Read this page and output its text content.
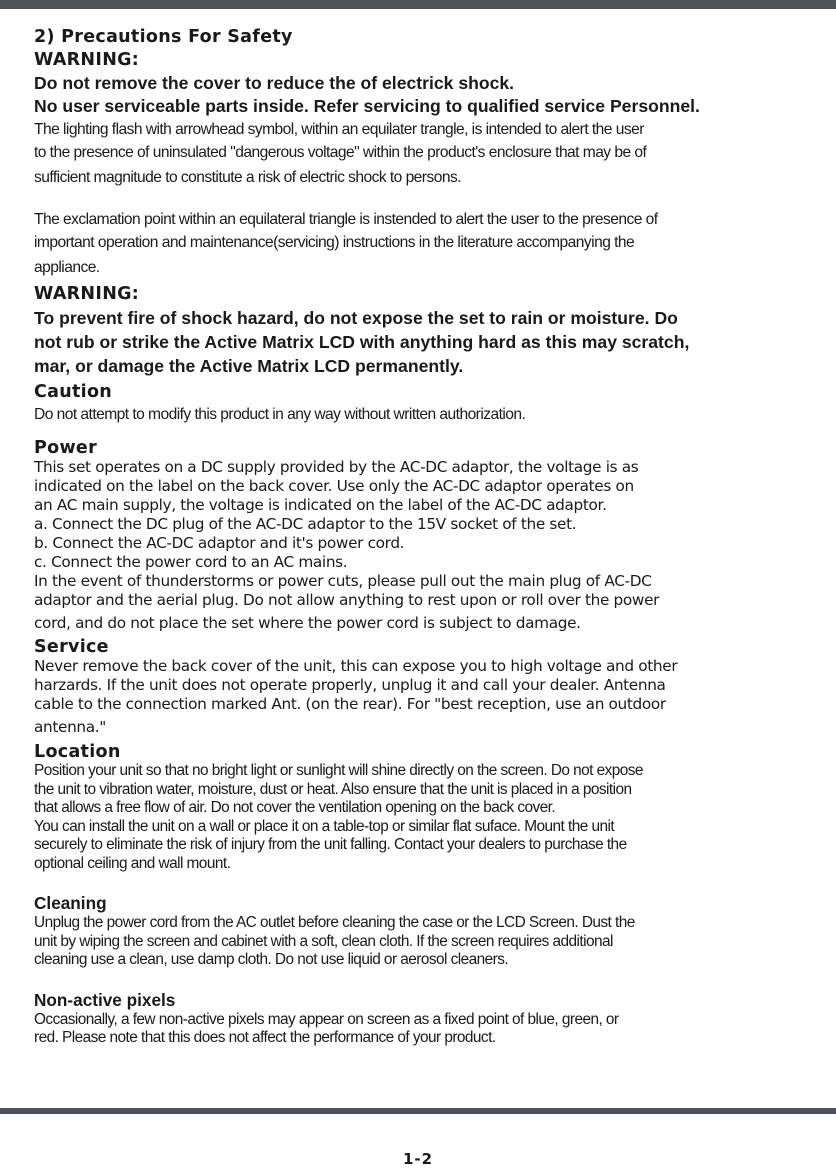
2) Precautions For Safety
WARNING:
Do not remove the cover to reduce the of electrick shock.
No user serviceable parts inside. Refer servicing to qualified service Personnel.
The lighting flash with arrowhead symbol, within an equilater trangle, is intended to alert the user
to the presence of uninsulated "dangerous voltage" within the product's enclosure that may be of
sufficient magnitude to constitute a risk of electric shock to persons.
The exclamation point within an equilateral triangle is instended to alert the user to the presence of
important operation and maintenance(servicing) instructions in the literature accompanying the
appliance.
WARNING:
To prevent fire of shock hazard, do not expose the set to rain or moisture. Do
not rub or strike the Active Matrix LCD with anything hard as this may scratch,
mar, or damage the Active Matrix LCD permanently.
Caution
Do not attempt to modify this product in any way without written authorization.
Power
This set operates on a DC supply provided by the AC-DC adaptor, the voltage is as
indicated on the label on the back cover. Use only the AC-DC adaptor operates on
an AC main supply, the voltage is indicated on the label of the AC-DC adaptor.
a. Connect the DC plug of the AC-DC adaptor to the 15V socket of the set.
b. Connect the AC-DC adaptor and it's power cord.
c. Connect the power cord to an AC mains.
In the event of thunderstorms or power cuts, please pull out the main plug of AC-DC
adaptor and the aerial plug. Do not allow anything to rest upon or roll over the power
cord, and do not place the set where the power cord is subject to damage.
Service
Never remove the back cover of the unit, this can expose you to high voltage and other
harzards. If the unit does not operate properly, unplug it and call your dealer. Antenna
cable to the connection marked Ant. (on the rear). For "best reception, use an outdoor
antenna."
Location
Position your unit so that no bright light or sunlight will shine directly on the screen. Do not expose
the unit to vibration water, moisture, dust or heat. Also ensure that the unit is placed in a position
that allows a free flow of air. Do not cover the ventilation opening on the back cover.
You can install the unit on a wall or place it on a table-top or similar flat suface. Mount the unit
securely to eliminate the risk of injury from the unit falling. Contact your dealers to purchase the
optional ceiling and wall mount.
Cleaning
Unplug the power cord from the AC outlet before cleaning the case or the LCD Screen. Dust the
unit by wiping the screen and cabinet with a soft, clean cloth. If the screen requires additional
cleaning use a clean, use damp cloth. Do not use liquid or aerosol cleaners.
Non-active pixels
Occasionally, a few non-active pixels may appear on screen as a fixed point of blue, green, or
red. Please note that this does not affect the performance of your product.
1-2
